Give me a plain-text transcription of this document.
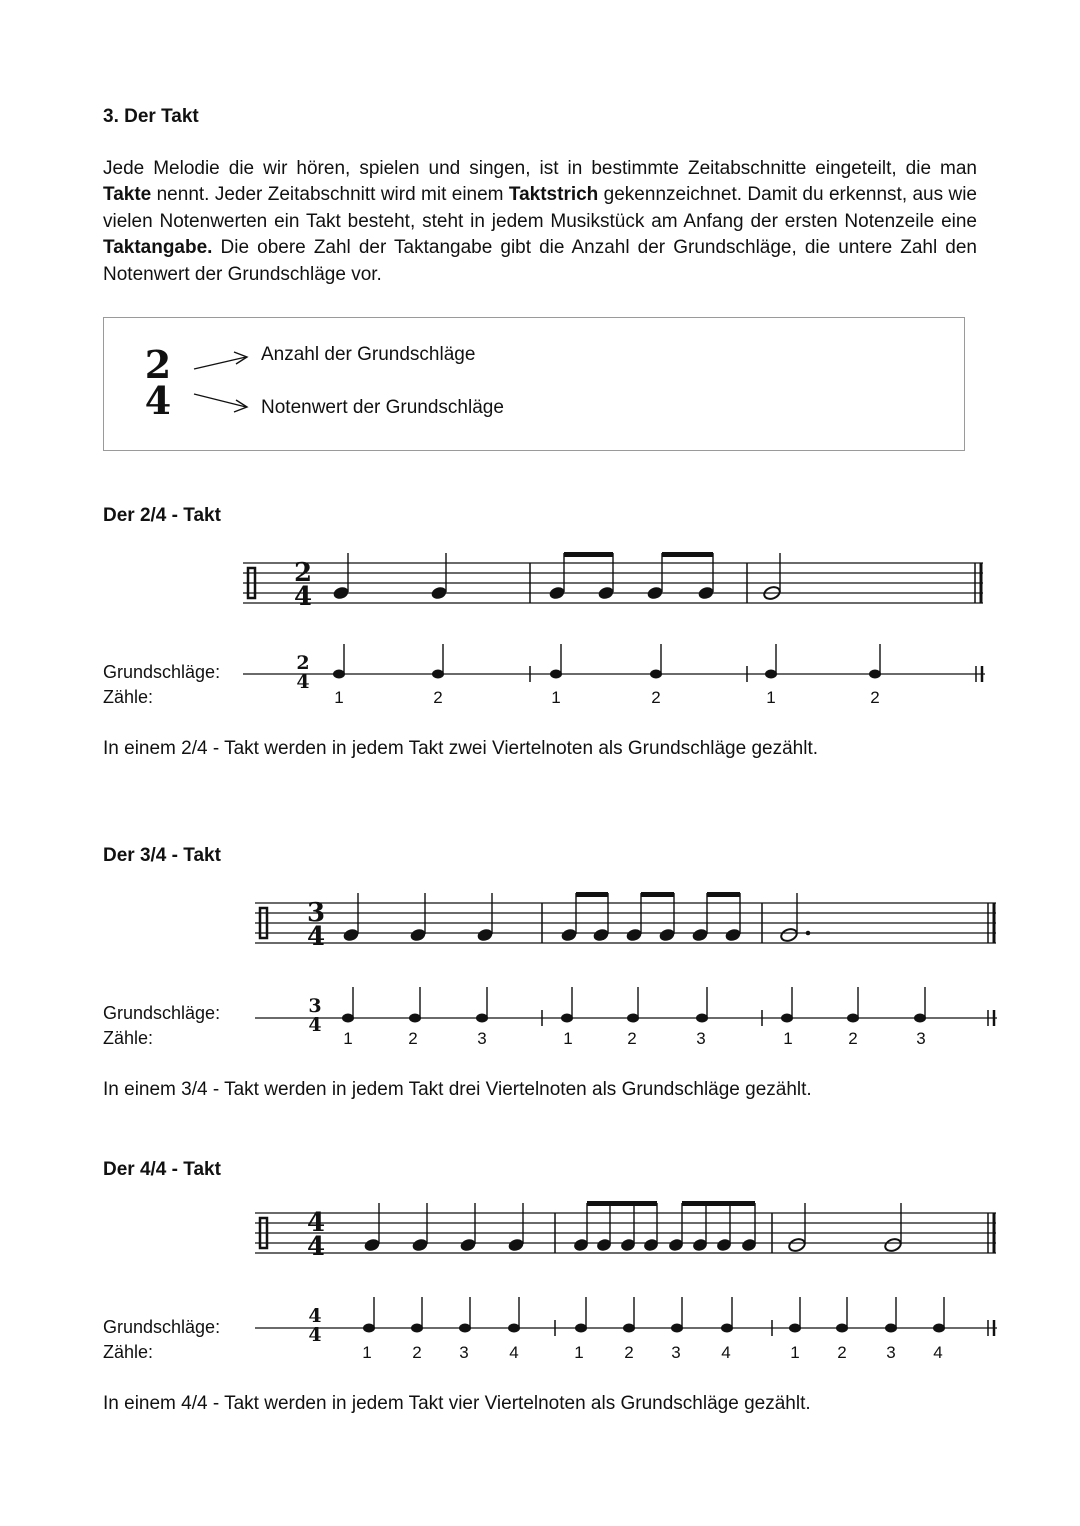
3. Der Takt
Jede Melodie die wir hören, spielen und singen, ist in bestimmte Zeitabschnitte eingeteilt, die man Takte nennt. Jeder Zeitabschnitt wird mit einem Taktstrich gekennzeichnet. Damit du erkennst, aus wie vielen Notenwerten ein Takt besteht, steht in jedem Musikstück am Anfang der ersten Notenzeile eine Taktangabe. Die obere Zahl der Taktangabe gibt die Anzahl der Grundschläge, die untere Zahl den Notenwert der Grundschläge vor.
2
4
Anzahl der Grundschläge
Notenwert der Grundschläge
Der 2/4 - Takt
2
4
Grundschläge:
Zähle:
2
4
1	2	1	2	1	2
In einem 2/4 - Takt werden in jedem Takt zwei Viertelnoten als Grundschläge gezählt.
Der 3/4 - Takt
3
4
Grundschläge:
Zähle:
3
4
1	2	3	1	2	3	1	2	3
In einem 3/4 - Takt werden in jedem Takt drei Viertelnoten als Grundschläge gezählt.
Der 4/4 - Takt
4
4
Grundschläge:
Zähle:
4
4
1	2	3	4	1	2	3	4	1	2	3	4
In einem 4/4 - Takt werden in jedem Takt vier Viertelnoten als Grundschläge gezählt.
